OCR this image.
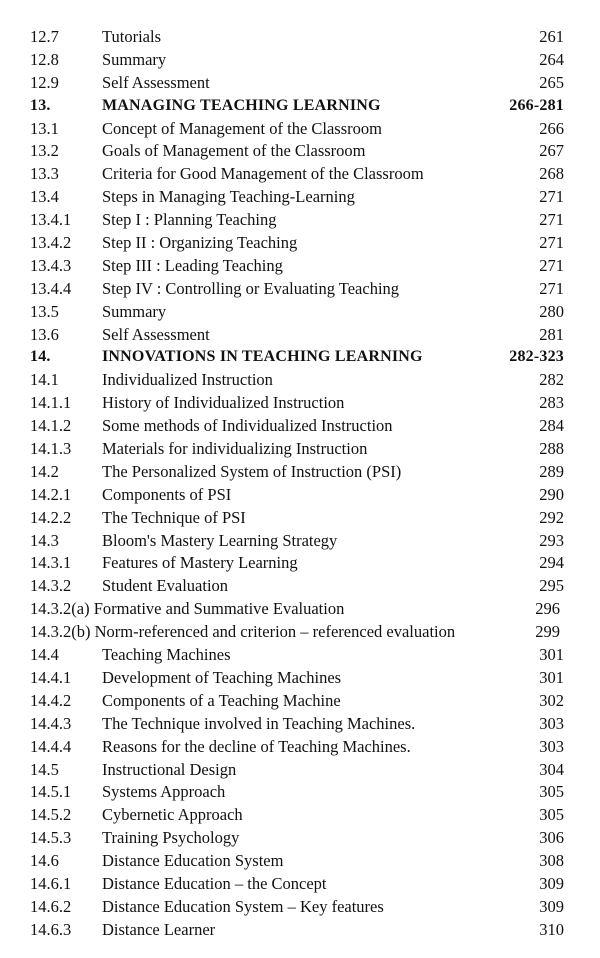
12.7	Tutorials	261
12.8	Summary	264
12.9	Self Assessment	265
13.	MANAGING TEACHING LEARNING	266-281
13.1	Concept of Management of the Classroom	266
13.2	Goals of Management of the Classroom	267
13.3	Criteria for Good Management of the Classroom	268
13.4	Steps in Managing Teaching-Learning	271
13.4.1 Step I : Planning Teaching	271
13.4.2 Step II : Organizing Teaching	271
13.4.3 Step III : Leading Teaching	271
13.4.4 Step IV : Controlling or Evaluating Teaching	271
13.5	Summary	280
13.6	Self Assessment	281
14.	INNOVATIONS IN TEACHING LEARNING	282-323
14.1	Individualized Instruction	282
14.1.1 History of Individualized Instruction	283
14.1.2 Some methods of Individualized Instruction	284
14.1.3 Materials for individualizing Instruction	288
14.2	The Personalized System of Instruction (PSI)	289
14.2.1 Components of PSI	290
14.2.2 The Technique of PSI	292
14.3	Bloom's Mastery Learning Strategy	293
14.3.1 Features of Mastery Learning	294
14.3.2 Student Evaluation	295
14.3.2(a) Formative and Summative Evaluation	296
14.3.2(b) Norm-referenced and criterion – referenced evaluation	299
14.4	Teaching Machines	301
14.4.1 Development of Teaching Machines	301
14.4.2 Components of a Teaching Machine	302
14.4.3 The Technique involved in Teaching Machines.	303
14.4.4 Reasons for the decline of Teaching Machines.	303
14.5	Instructional Design	304
14.5.1 Systems Approach	305
14.5.2 Cybernetic Approach	305
14.5.3 Training Psychology	306
14.6	Distance Education System	308
14.6.1 Distance Education – the Concept	309
14.6.2 Distance Education System – Key features	309
14.6.3 Distance Learner	310
